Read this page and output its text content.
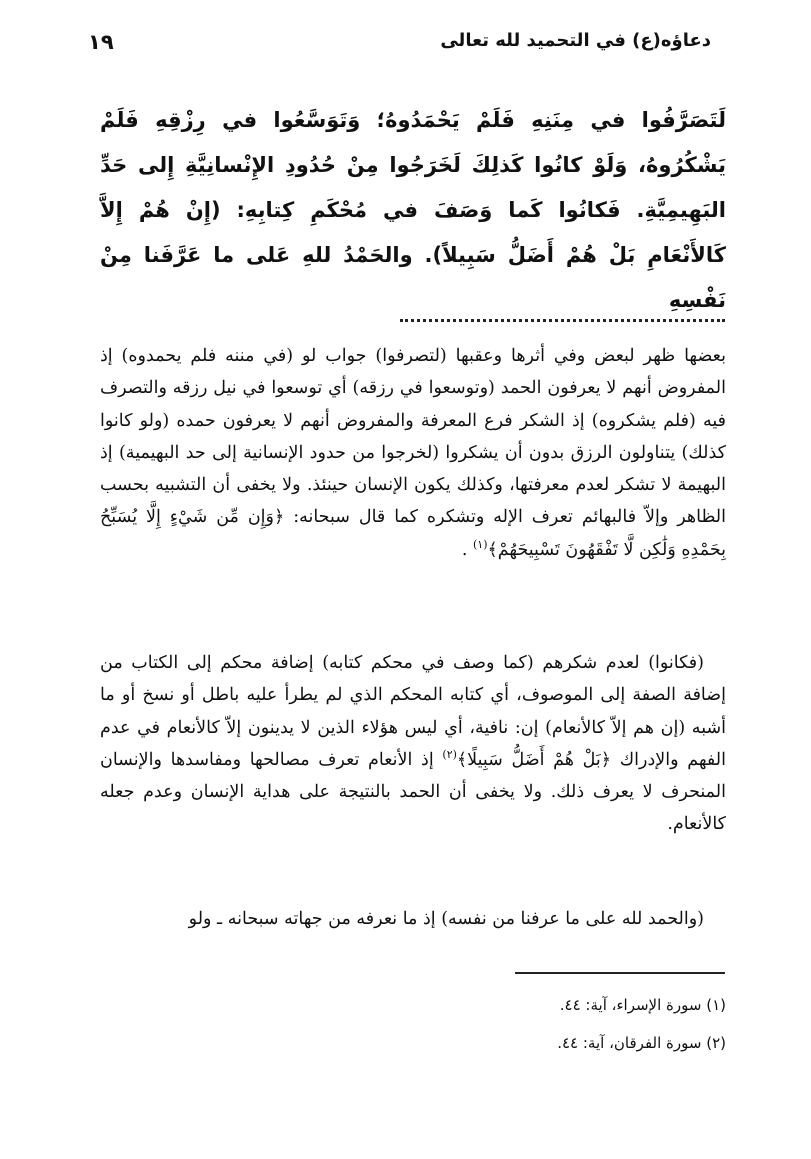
١٩	دعاؤه(ع) في التحميد لله تعالى
لَتَصَرَّفُوا في مِنَنِهِ فَلَمْ يَحْمَدُوهُ؛ وَتَوَسَّعُوا في رِزْقِهِ فَلَمْ يَشْكُرُوهُ، وَلَوْ كانُوا كَذلِكَ لَخَرَجُوا مِنْ حُدُودِ الإِنْسانِيَّةِ إِلى حَدِّ البَهِيمِيَّةِ. فَكانُوا كَما وَصَفَ في مُحْكَمِ كِتابِهِ: (إِنْ هُمْ إِلاَّ كَالأَنْعَامِ بَلْ هُمْ أَضَلُّ سَبِيلاً). والحَمْدُ للهِ عَلى ما عَرَّفَنا مِنْ نَفْسِهِ

بعضها ظهر لبعض وفي أثرها وعقبها (لتصرفوا) جواب لو (في مننه فلم يحمدوه) إذ المفروض أنهم لا يعرفون الحمد (وتوسعوا في رزقه) أي توسعوا في نيل رزقه والتصرف فيه (فلم يشكروه) إذ الشكر فرع المعرفة والمفروض أنهم لا يعرفون حمده (ولو كانوا كذلك) يتناولون الرزق بدون أن يشكروا (لخرجوا من حدود الإنسانية إلى حد البهيمية) إذ البهيمة لا تشكر لعدم معرفتها، وكذلك يكون الإنسان حينئذ. ولا يخفى أن التشبيه بحسب الظاهر وإلاّ فالبهائم تعرف الإله وتشكره كما قال سبحانه: ﴿وَإِن مِّن شَيْءٍ إِلَّا يُسَبِّحُ بِحَمْدِهِ وَلَٰكِن لَّا تَفْقَهُونَ تَسْبِيحَهُمْ﴾$^{(١)}$ .

(فكانوا) لعدم شكرهم (كما وصف في محكم كتابه) إضافة محكم إلى الكتاب من إضافة الصفة إلى الموصوف، أي كتابه المحكم الذي لم يطرأ عليه باطل أو نسخ أو ما أشبه (إن هم إلاّ كالأنعام) إن: نافية، أي ليس هؤلاء الذين لا يدينون إلاّ كالأنعام في عدم الفهم والإدراك ﴿بَلْ هُمْ أَضَلُّ سَبِيلًا﴾$^{(٢)}$ إذ الأنعام تعرف مصالحها ومفاسدها والإنسان المنحرف لا يعرف ذلك. ولا يخفى أن الحمد بالنتيجة على هداية الإنسان وعدم جعله كالأنعام.

(والحمد لله على ما عرفنا من نفسه) إذ ما نعرفه من جهاته سبحانه ـ ولو

(١) سورة الإسراء، آية: ٤٤.
(٢) سورة الفرقان، آية: ٤٤.
